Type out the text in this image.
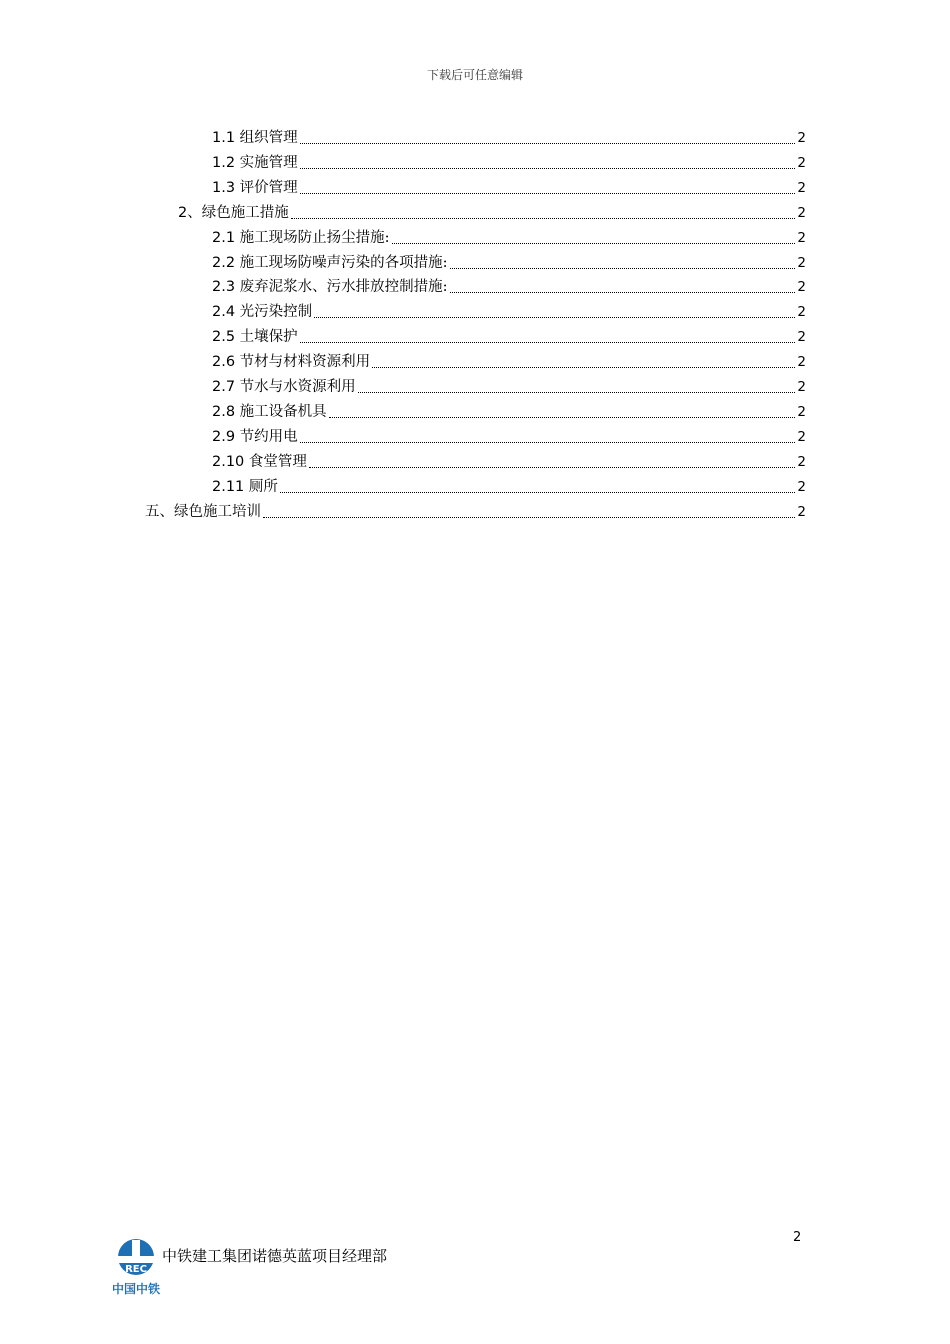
下载后可任意编辑
1.1 组织管理	2
1.2 实施管理	2
1.3 评价管理	2
2、绿色施工措施	2
2.1 施工现场防止扬尘措施:	2
2.2 施工现场防噪声污染的各项措施:	2
2.3 废弃泥浆水、污水排放控制措施:	2
2.4 光污染控制	2
2.5 土壤保护	2
2.6 节材与材料资源利用	2
2.7 节水与水资源利用	2
2.8 施工设备机具	2
2.9 节约用电	2
2.10 食堂管理	2
2.11 厕所	2
五、绿色施工培训	2
2
REC
中国中铁
中铁建工集团诺德英蓝项目经理部
